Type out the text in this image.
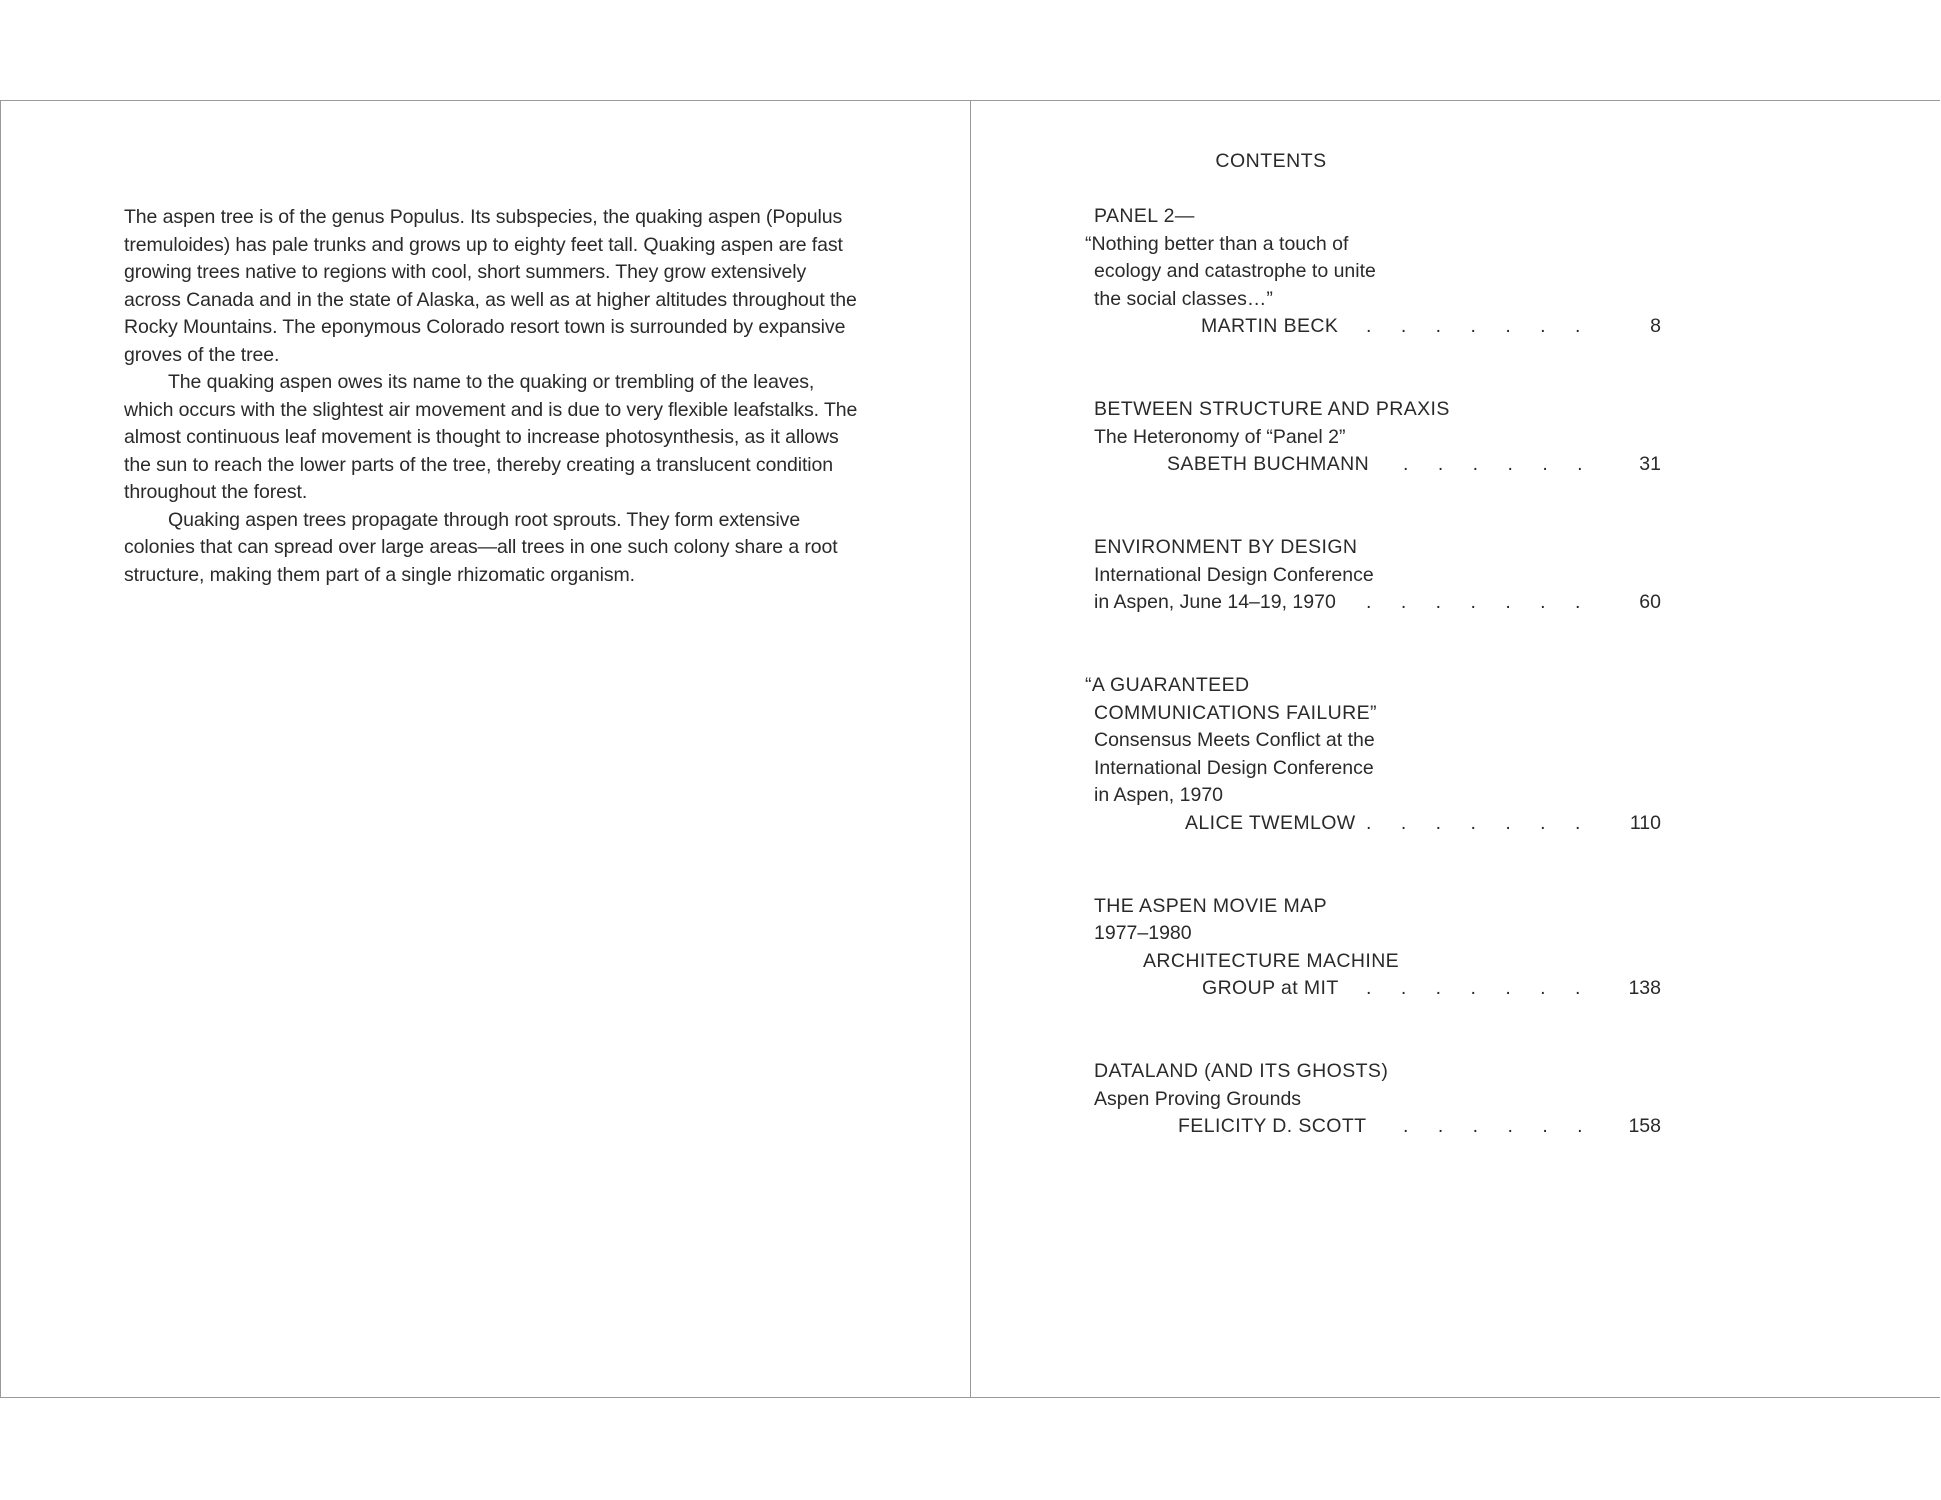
The aspen tree is of the genus Populus. Its subspecies, the quaking aspen (Populus tremuloides) has pale trunks and grows up to eighty feet tall. Quaking aspen are fast growing trees native to regions with cool, short summers. They grow extensively across Canada and in the state of Alaska, as well as at higher altitudes throughout the Rocky Mountains. The eponymous Colorado resort town is surrounded by expansive groves of the tree.

The quaking aspen owes its name to the quaking or trembling of the leaves, which occurs with the slightest air movement and is due to very flexible leafstalks. The almost continuous leaf movement is thought to increase photosynthesis, as it allows the sun to reach the lower parts of the tree, thereby creating a translucent condition throughout the forest.

Quaking aspen trees propagate through root sprouts. They form extensive colonies that can spread over large areas—all trees in one such colony share a root structure, making them part of a single rhizomatic organism.

CONTENTS
PANEL 2—
“Nothing better than a touch of
ecology and catastrophe to unite
the social classes…”
MARTIN BECK . . . . . . .	8
BETWEEN STRUCTURE AND PRAXIS
The Heteronomy of “Panel 2”
SABETH BUCHMANN . . . . . .	31
ENVIRONMENT BY DESIGN
International Design Conference
in Aspen, June 14–19, 1970 . . . . . . .	60
“A GUARANTEED
COMMUNICATIONS FAILURE”
Consensus Meets Conflict at the
International Design Conference
in Aspen, 1970
ALICE TWEMLOW . . . . . . .	110
THE ASPEN MOVIE MAP
1977–1980
ARCHITECTURE MACHINE
GROUP at MIT . . . . . . .	138
DATALAND (AND ITS GHOSTS)
Aspen Proving Grounds
FELICITY D. SCOTT . . . . . .	158
